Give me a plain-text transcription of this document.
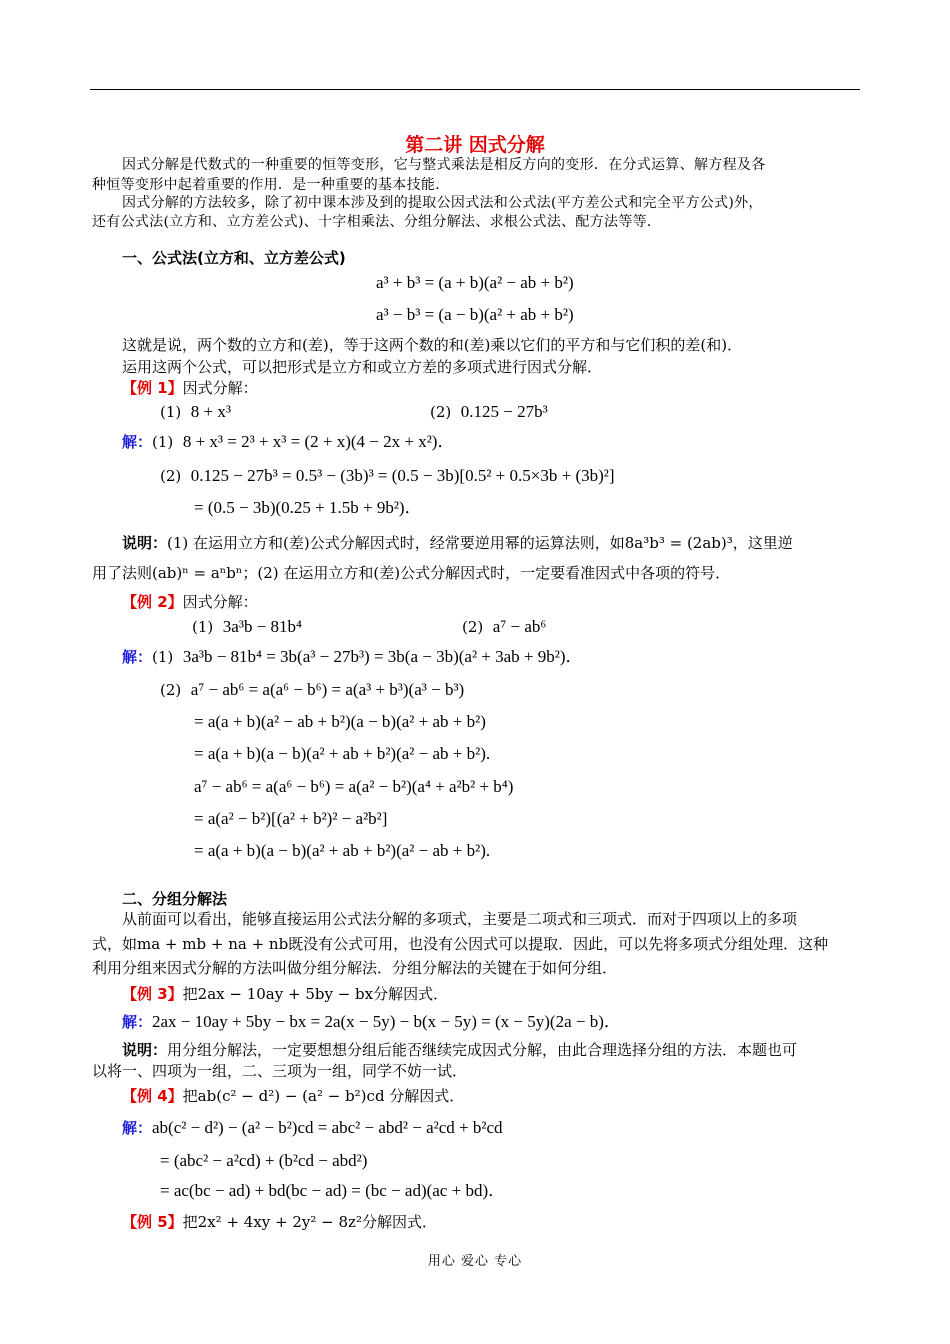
第二讲 因式分解
因式分解是代数式的一种重要的恒等变形，它与整式乘法是相反方向的变形．在分式运算、解方程及各
种恒等变形中起着重要的作用．是一种重要的基本技能．
因式分解的方法较多，除了初中课本涉及到的提取公因式法和公式法(平方差公式和完全平方公式)外，
还有公式法(立方和、立方差公式)、十字相乘法、分组分解法、求根公式法、配方法等等．
一、公式法(立方和、立方差公式)
a³ + b³ = (a + b)(a² − ab + b²)
a³ − b³ = (a − b)(a² + ab + b²)
这就是说，两个数的立方和(差)，等于这两个数的和(差)乘以它们的平方和与它们积的差(和)．
运用这两个公式，可以把形式是立方和或立方差的多项式进行因式分解．
【例 1】因式分解：
(1) 8 + x³	(2) 0.125 − 27b³
解：(1) 8 + x³ = 2³ + x³ = (2 + x)(4 − 2x + x²)．
(2) 0.125 − 27b³ = 0.5³ − (3b)³ = (0.5 − 3b)[0.5² + 0.5×3b + (3b)²]
= (0.5 − 3b)(0.25 + 1.5b + 9b²)．
说明：(1) 在运用立方和(差)公式分解因式时，经常要逆用幂的运算法则，如8a³b³ = (2ab)³，这里逆
用了法则(ab)ⁿ = aⁿbⁿ；(2) 在运用立方和(差)公式分解因式时，一定要看准因式中各项的符号．
【例 2】因式分解：
(1) 3a³b − 81b⁴	(2) a⁷ − ab⁶
解：(1) 3a³b − 81b⁴ = 3b(a³ − 27b³) = 3b(a − 3b)(a² + 3ab + 9b²)．
(2) a⁷ − ab⁶ = a(a⁶ − b⁶) = a(a³ + b³)(a³ − b³)
= a(a + b)(a² − ab + b²)(a − b)(a² + ab + b²)
= a(a + b)(a − b)(a² + ab + b²)(a² − ab + b²).
a⁷ − ab⁶ = a(a⁶ − b⁶) = a(a² − b²)(a⁴ + a²b² + b⁴)
= a(a² − b²)[(a² + b²)² − a²b²]
= a(a + b)(a − b)(a² + ab + b²)(a² − ab + b²).
二、分组分解法
从前面可以看出，能够直接运用公式法分解的多项式，主要是二项式和三项式．而对于四项以上的多项
式，如ma + mb + na + nb既没有公式可用，也没有公因式可以提取．因此，可以先将多项式分组处理．这种
利用分组来因式分解的方法叫做分组分解法．分组分解法的关键在于如何分组．
【例 3】把2ax − 10ay + 5by − bx分解因式．
解：2ax − 10ay + 5by − bx = 2a(x − 5y) − b(x − 5y) = (x − 5y)(2a − b)．
说明：用分组分解法，一定要想想分组后能否继续完成因式分解，由此合理选择分组的方法．本题也可
以将一、四项为一组，二、三项为一组，同学不妨一试．
【例 4】把ab(c² − d²) − (a² − b²)cd 分解因式．
解：ab(c² − d²) − (a² − b²)cd = abc² − abd² − a²cd + b²cd
= (abc² − a²cd) + (b²cd − abd²)
= ac(bc − ad) + bd(bc − ad) = (bc − ad)(ac + bd)．
【例 5】把2x² + 4xy + 2y² − 8z²分解因式．
用心 爱心 专心
